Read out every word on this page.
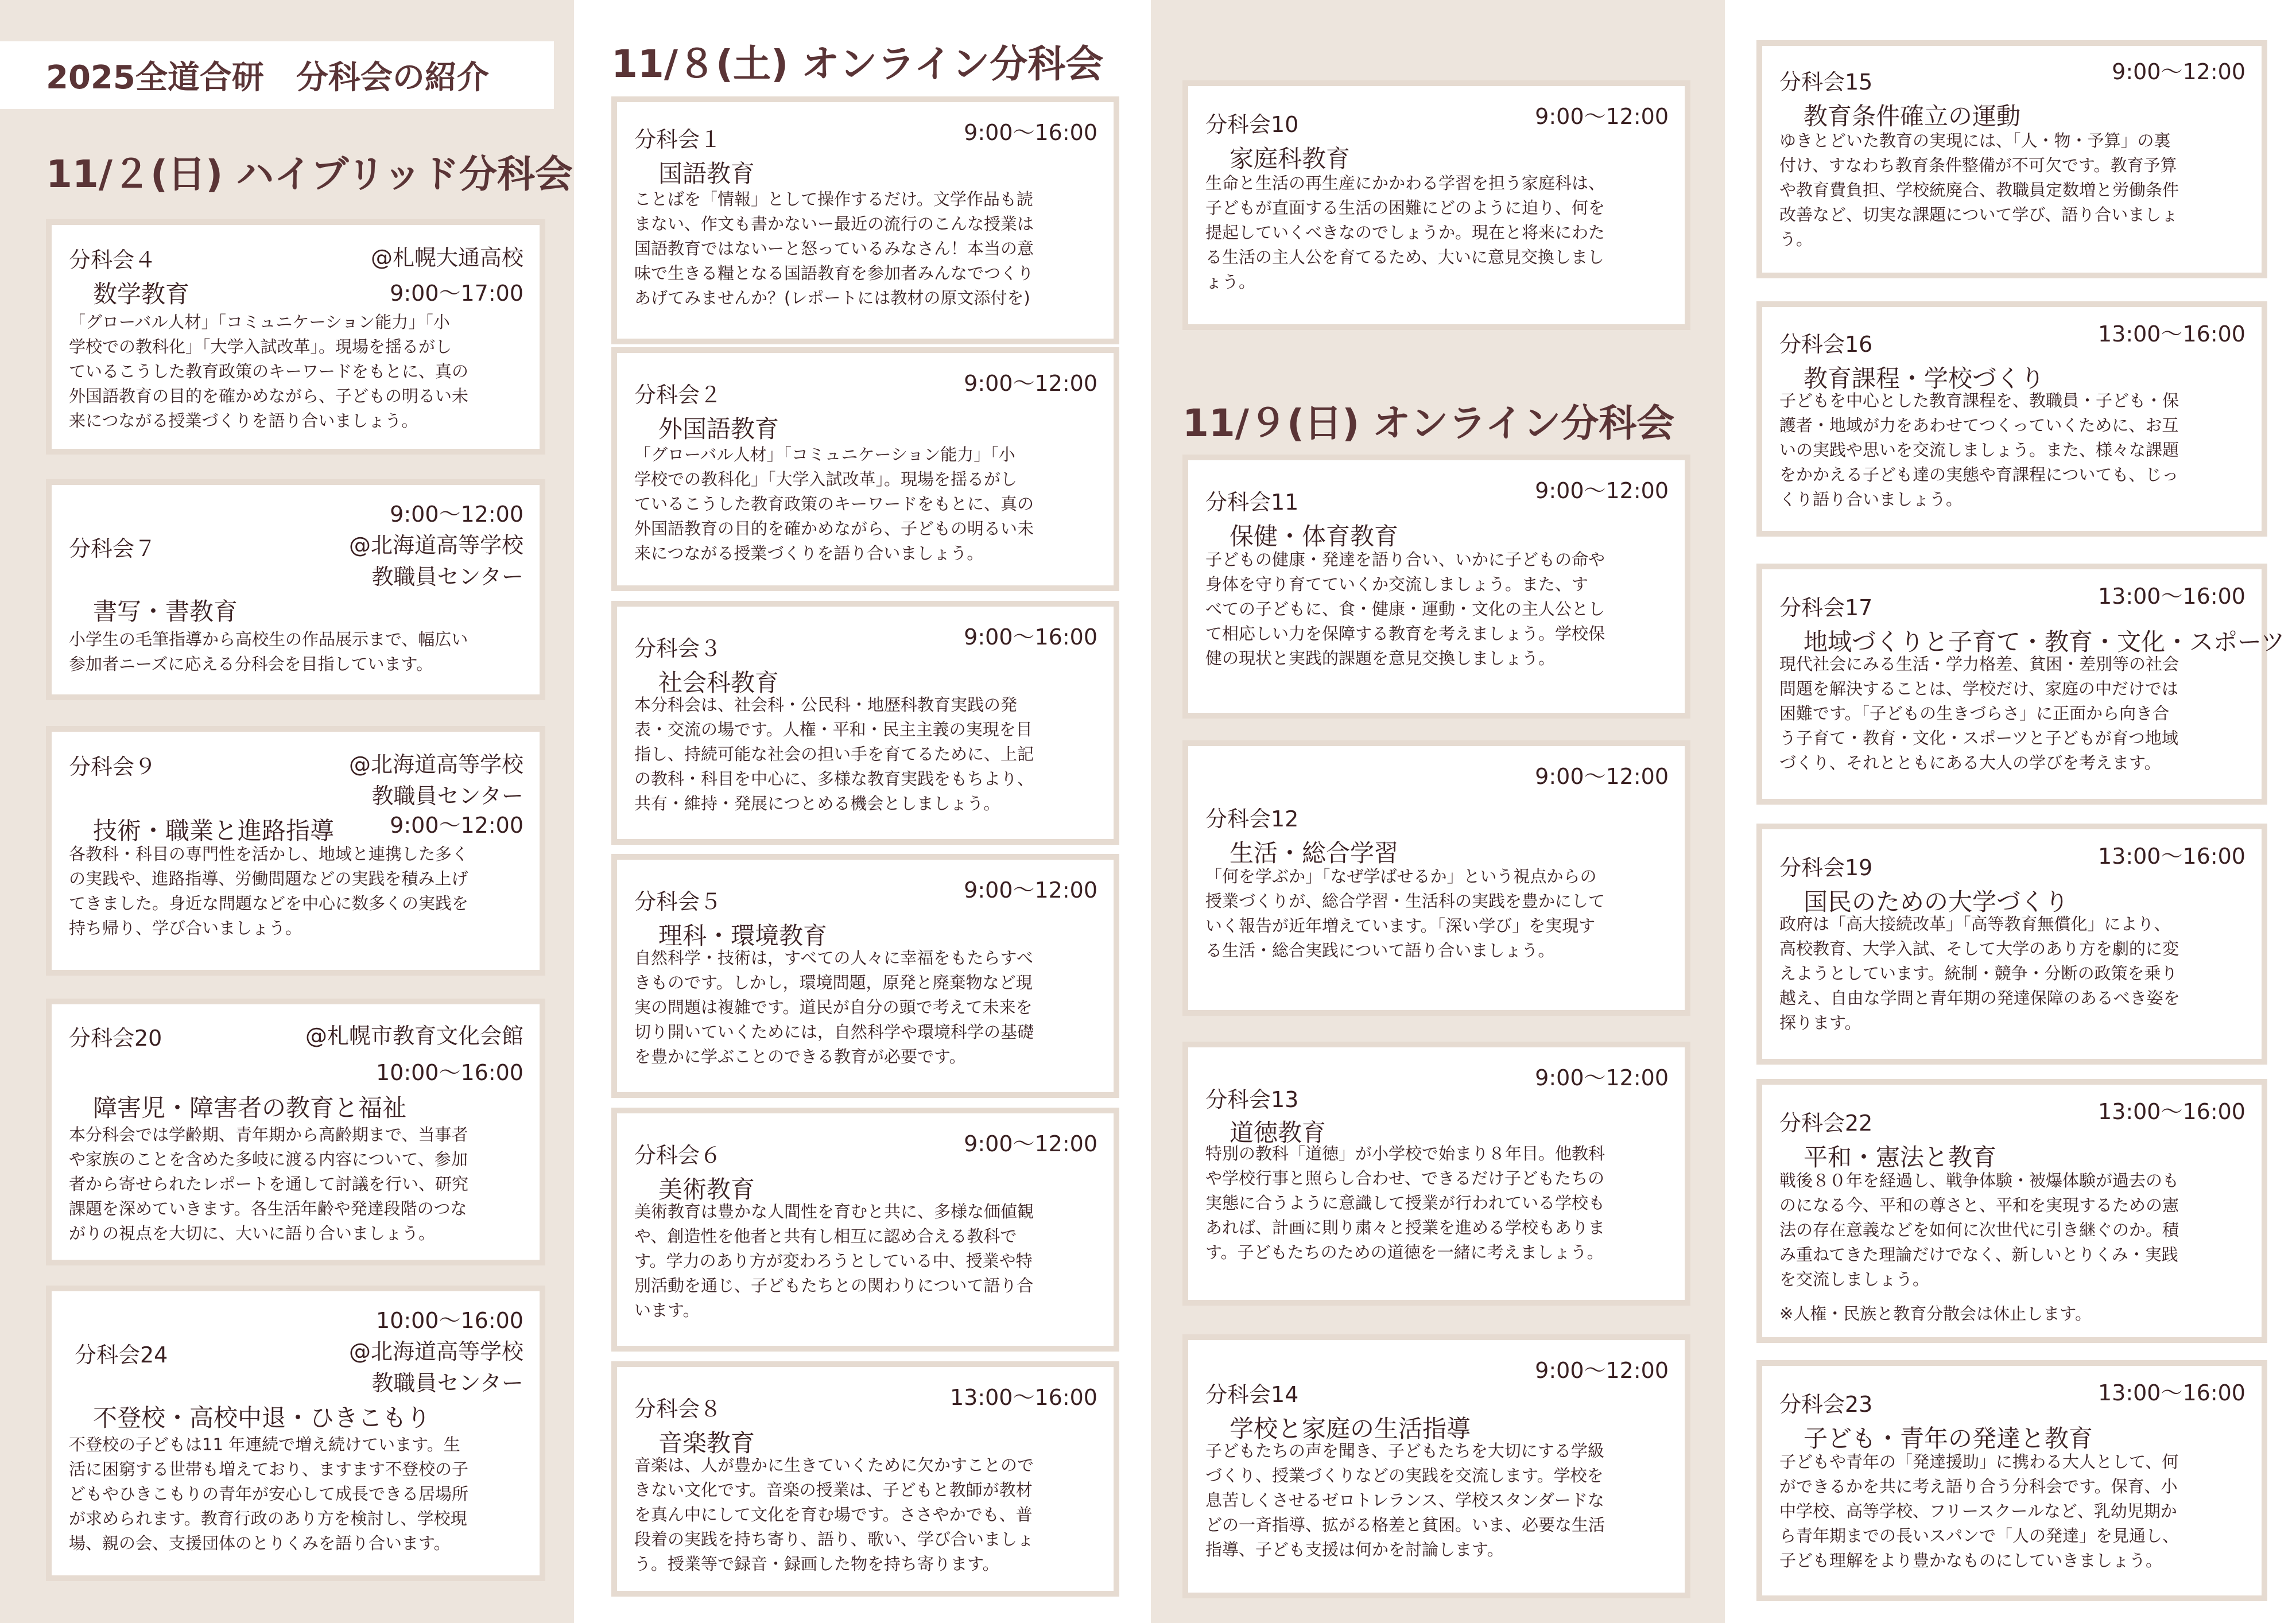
2025全道合研　分科会の紹介
11/２(日) ハイブリッド分科会
11/８(土) オンライン分科会
11/９(日) オンライン分科会
分科会４	@札幌大通高校
9:00〜17:00
数学教育
「グローバル人材」「コミュニケーション能力」「小
学校での教科化」「大学入試改革」。現場を揺るがし
ているこうした教育政策のキーワードをもとに、真の
外国語教育の目的を確かめながら、子どもの明るい未
来につながる授業づくりを語り合いましょう。
9:00〜12:00
分科会７	@北海道高等学校
教職員センター
書写・書教育
小学生の毛筆指導から高校生の作品展示まで、幅広い
参加者ニーズに応える分科会を目指しています。
分科会９	@北海道高等学校
教職員センター
技術・職業と進路指導	9:00〜12:00
各教科・科目の専門性を活かし、地域と連携した多く
の実践や、進路指導、労働問題などの実践を積み上げ
てきました。身近な問題などを中心に数多くの実践を
持ち帰り、学び合いましょう。
分科会20	@札幌市教育文化会館
10:00〜16:00
障害児・障害者の教育と福祉
本分科会では学齢期、青年期から高齢期まで、当事者
や家族のことを含めた多岐に渡る内容について、参加
者から寄せられたレポートを通して討議を行い、研究
課題を深めていきます。各生活年齢や発達段階のつな
がりの視点を大切に、大いに語り合いましょう。
10:00〜16:00
分科会24	@北海道高等学校
教職員センター
不登校・高校中退・ひきこもり
不登校の子どもは11 年連続で増え続けています。生
活に困窮する世帯も増えており、ますます不登校の子
どもやひきこもりの青年が安心して成長できる居場所
が求められます。教育行政のあり方を検討し、学校現
場、親の会、支援団体のとりくみを語り合います。
9:00〜16:00
分科会１
国語教育
ことばを「情報」として操作するだけ。文学作品も読
まない、作文も書かないー最近の流行のこんな授業は
国語教育ではないーと怒っているみなさん！本当の意
味で生きる糧となる国語教育を参加者みんなでつくり
あげてみませんか？(レポートには教材の原文添付を)
9:00〜12:00
分科会２
外国語教育
「グローバル人材」「コミュニケーション能力」「小
学校での教科化」「大学入試改革」。現場を揺るがし
ているこうした教育政策のキーワードをもとに、真の
外国語教育の目的を確かめながら、子どもの明るい未
来につながる授業づくりを語り合いましょう。
9:00〜16:00
分科会３
社会科教育
本分科会は、社会科・公民科・地歴科教育実践の発
表・交流の場です。人権・平和・民主主義の実現を目
指し、持続可能な社会の担い手を育てるために、上記
の教科・科目を中心に、多様な教育実践をもちより、
共有・維持・発展につとめる機会としましょう。
9:00〜12:00
分科会５
理科・環境教育
自然科学・技術は，すべての人々に幸福をもたらすべ
きものです。しかし，環境問題，原発と廃棄物など現
実の問題は複雑です。道民が自分の頭で考えて未来を
切り開いていくためには，自然科学や環境科学の基礎
を豊かに学ぶことのできる教育が必要です。
9:00〜12:00
分科会６
美術教育
美術教育は豊かな人間性を育むと共に、多様な価値観
や、創造性を他者と共有し相互に認め合える教科で
す。学力のあり方が変わろうとしている中、授業や特
別活動を通じ、子どもたちとの関わりについて語り合
います。
13:00〜16:00
分科会８
音楽教育
音楽は、人が豊かに生きていくために欠かすことので
きない文化です。音楽の授業は、子どもと教師が教材
を真ん中にして文化を育む場です。ささやかでも、普
段着の実践を持ち寄り、語り、歌い、学び合いましょ
う。授業等で録音・録画した物を持ち寄ります。
9:00〜12:00
分科会10
家庭科教育
生命と生活の再生産にかかわる学習を担う家庭科は、
子どもが直面する生活の困難にどのように迫り、何を
提起していくべきなのでしょうか。現在と将来にわた
る生活の主人公を育てるため、大いに意見交換しまし
ょう。
9:00〜12:00
分科会11
保健・体育教育
子どもの健康・発達を語り合い、いかに子どもの命や
身体を守り育てていくか交流しましょう。また、す
べての子どもに、食・健康・運動・文化の主人公とし
て相応しい力を保障する教育を考えましょう。学校保
健の現状と実践的課題を意見交換しましょう。
9:00〜12:00
分科会12
生活・総合学習
「何を学ぶか」「なぜ学ばせるか」という視点からの
授業づくりが、総合学習・生活科の実践を豊かにして
いく報告が近年増えています。「深い学び」を実現す
る生活・総合実践について語り合いましょう。
9:00〜12:00
分科会13
道徳教育
特別の教科「道徳」が小学校で始まり８年目。他教科
や学校行事と照らし合わせ、できるだけ子どもたちの
実態に合うように意識して授業が行われている学校も
あれば、計画に則り粛々と授業を進める学校もありま
す。子どもたちのための道徳を一緒に考えましょう。
9:00〜12:00
分科会14
学校と家庭の生活指導
子どもたちの声を聞き、子どもたちを大切にする学級
づくり、授業づくりなどの実践を交流します。学校を
息苦しくさせるゼロトレランス、学校スタンダードな
どの一斉指導、拡がる格差と貧困。いま、必要な生活
指導、子ども支援は何かを討論します。
9:00〜12:00
分科会15
教育条件確立の運動
ゆきとどいた教育の実現には、「人・物・予算」の裏
付け、すなわち教育条件整備が不可欠です。教育予算
や教育費負担、学校統廃合、教職員定数増と労働条件
改善など、切実な課題について学び、語り合いましょ
う。
13:00〜16:00
分科会16
教育課程・学校づくり
子どもを中心とした教育課程を、教職員・子ども・保
護者・地域が力をあわせてつくっていくために、お互
いの実践や思いを交流しましょう。また、様々な課題
をかかえる子ども達の実態や育課程についても、じっ
くり語り合いましょう。
13:00〜16:00
分科会17
地域づくりと子育て・教育・文化・スポーツ
現代社会にみる生活・学力格差、貧困・差別等の社会
問題を解決することは、学校だけ、家庭の中だけでは
困難です。「子どもの生きづらさ」に正面から向き合
う子育て・教育・文化・スポーツと子どもが育つ地域
づくり、それとともにある大人の学びを考えます。
13:00〜16:00
分科会19
国民のための大学づくり
政府は「高大接続改革」「高等教育無償化」により、
高校教育、大学入試、そして大学のあり方を劇的に変
えようとしています。統制・競争・分断の政策を乗り
越え、自由な学問と青年期の発達保障のあるべき姿を
探ります。
13:00〜16:00
分科会22
平和・憲法と教育
戦後８０年を経過し、戦争体験・被爆体験が過去のも
のになる今、平和の尊さと、平和を実現するための憲
法の存在意義などを如何に次世代に引き継ぐのか。積
み重ねてきた理論だけでなく、新しいとりくみ・実践
を交流しましょう。
※人権・民族と教育分散会は休止します。
13:00〜16:00
分科会23
子ども・青年の発達と教育
子どもや青年の「発達援助」に携わる大人として、何
ができるかを共に考え語り合う分科会です。保育、小
中学校、高等学校、フリースクールなど、乳幼児期か
ら青年期までの長いスパンで「人の発達」を見通し、
子ども理解をより豊かなものにしていきましょう。
